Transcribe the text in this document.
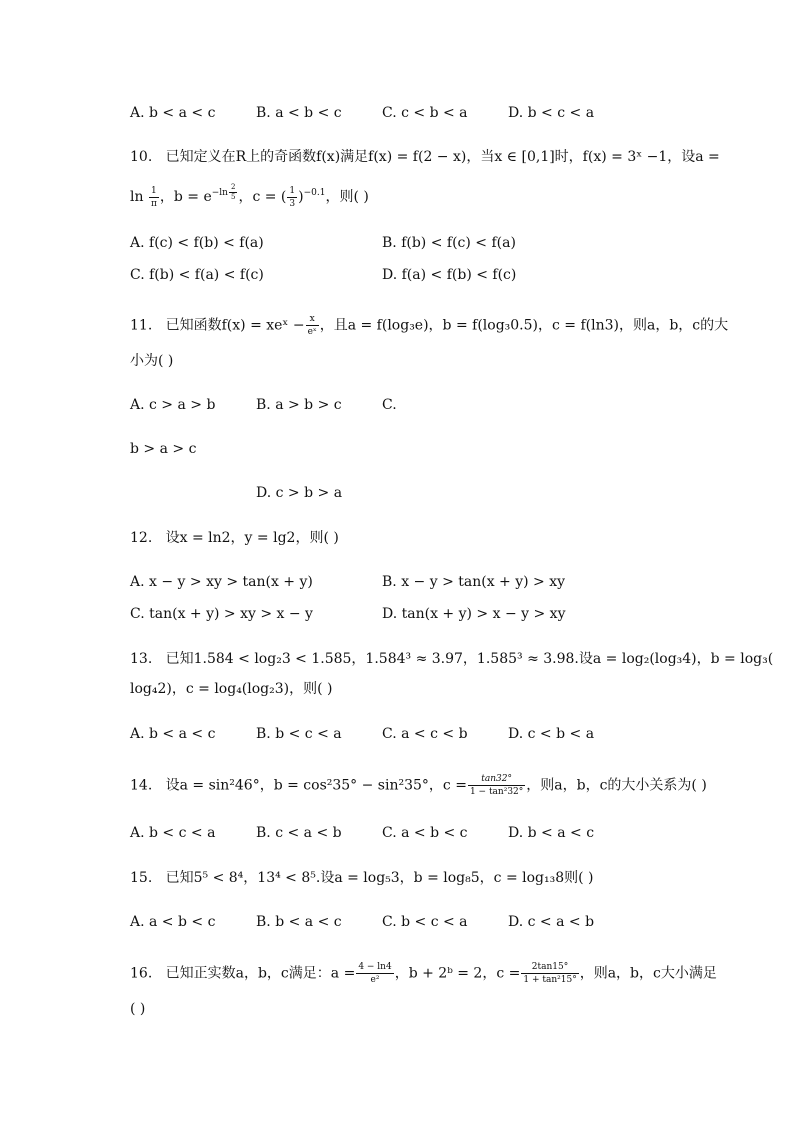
A. b < a < c	B. a < b < c	C. c < b < a	D. b < c < a
10. 已知定义在R上的奇函数f(x)满足f(x) = f(2 − x)，当x ∈ [0,1]时，f(x) = 3ˣ −1，设a =
$\ln \frac{1}{\pi}$ ，$b = e^{-ln \frac{2}{5}}$ ，c = ( $\frac{1}{3} )^{-0.1}$，则( )
A. f(c) < f(b) < f(a)	B. f(b) < f(c) < f(a)
C. f(b) < f(a) < f(c)	D. f(a) < f(b) < f(c)
11. 已知函数f(x) = xeˣ − $\frac{x}{\text{eˣ}}$ ，且a = f(log₃e)，b = f(log₃0.5)，c = f(ln3)，则a，b，c的大
小为( )
A. c > a > b	B. a > b > c	C.
b > a > c
D. c > b > a
12. 设x = ln2，y = lg2，则( )
A. x − y > xy > tan(x + y)	B. x − y > tan(x + y) > xy
C. tan(x + y) > xy > x − y	D. tan(x + y) > x − y > xy
13. 已知1.584 < log₂3 < 1.585，1.584³ ≈ 3.97，1.585³ ≈ 3.98.设a = log₂(log₃4)，b = log₃(
log₄2)，c = log₄(log₂3)，则( )
A. b < a < c	B. b < c < a	C. a < c < b	D. c < b < a
14. 设a = sin²46°，b = cos²35° − sin²35°，$c = \frac{\tan 32^\circ}{\text{1 − tan²32°}}$ ，则a，b，c的大小关系为( )
A. b < c < a	B. c < a < b	C. a < b < c	D. b < a < c
15. 已知5⁵ < 8⁴，13⁴ < 8⁵.设a = log₅3，b = log₈5，c = log₁₃8则( )
A. a < b < c	B. b < a < c	C. b < c < a	D. c < a < b
16. 已知正实数a，b，c满足：$a = \frac{4 - \ln 4}{\text{e²}}$ ，b + 2ᵇ = 2，$c = \frac{2\tan 15^\circ}{\text{1 + tan²15°}}$ ，则a，b，c大小满足
( )
